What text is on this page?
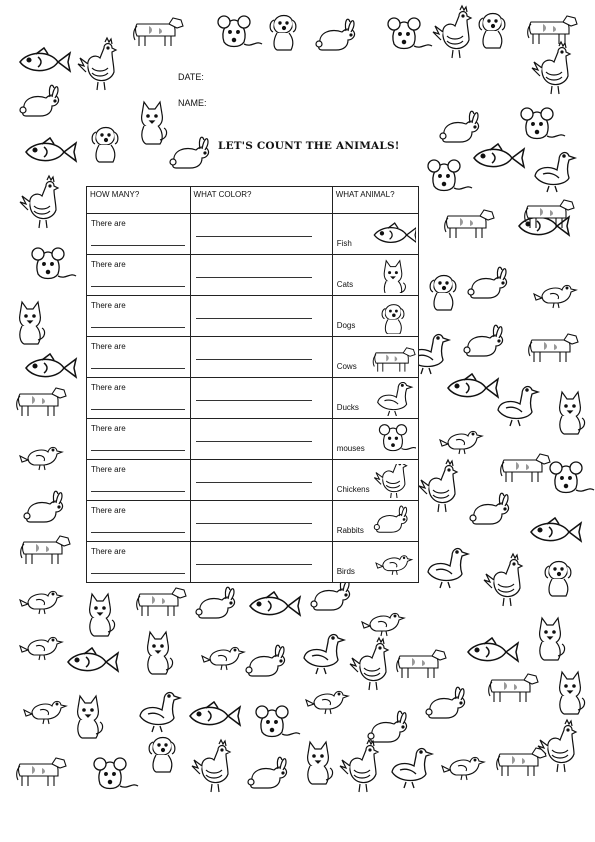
DATE:
NAME:
LET'S COUNT THE ANIMALS!
HOW MANY?	WHAT COLOR?	WHAT ANIMAL?

There are		Fish

There are		Cats

There are		Dogs

There are		Cows

There are		Ducks

There are		mouses

There are		Chickens

There are		Rabbits

There are		Birds
